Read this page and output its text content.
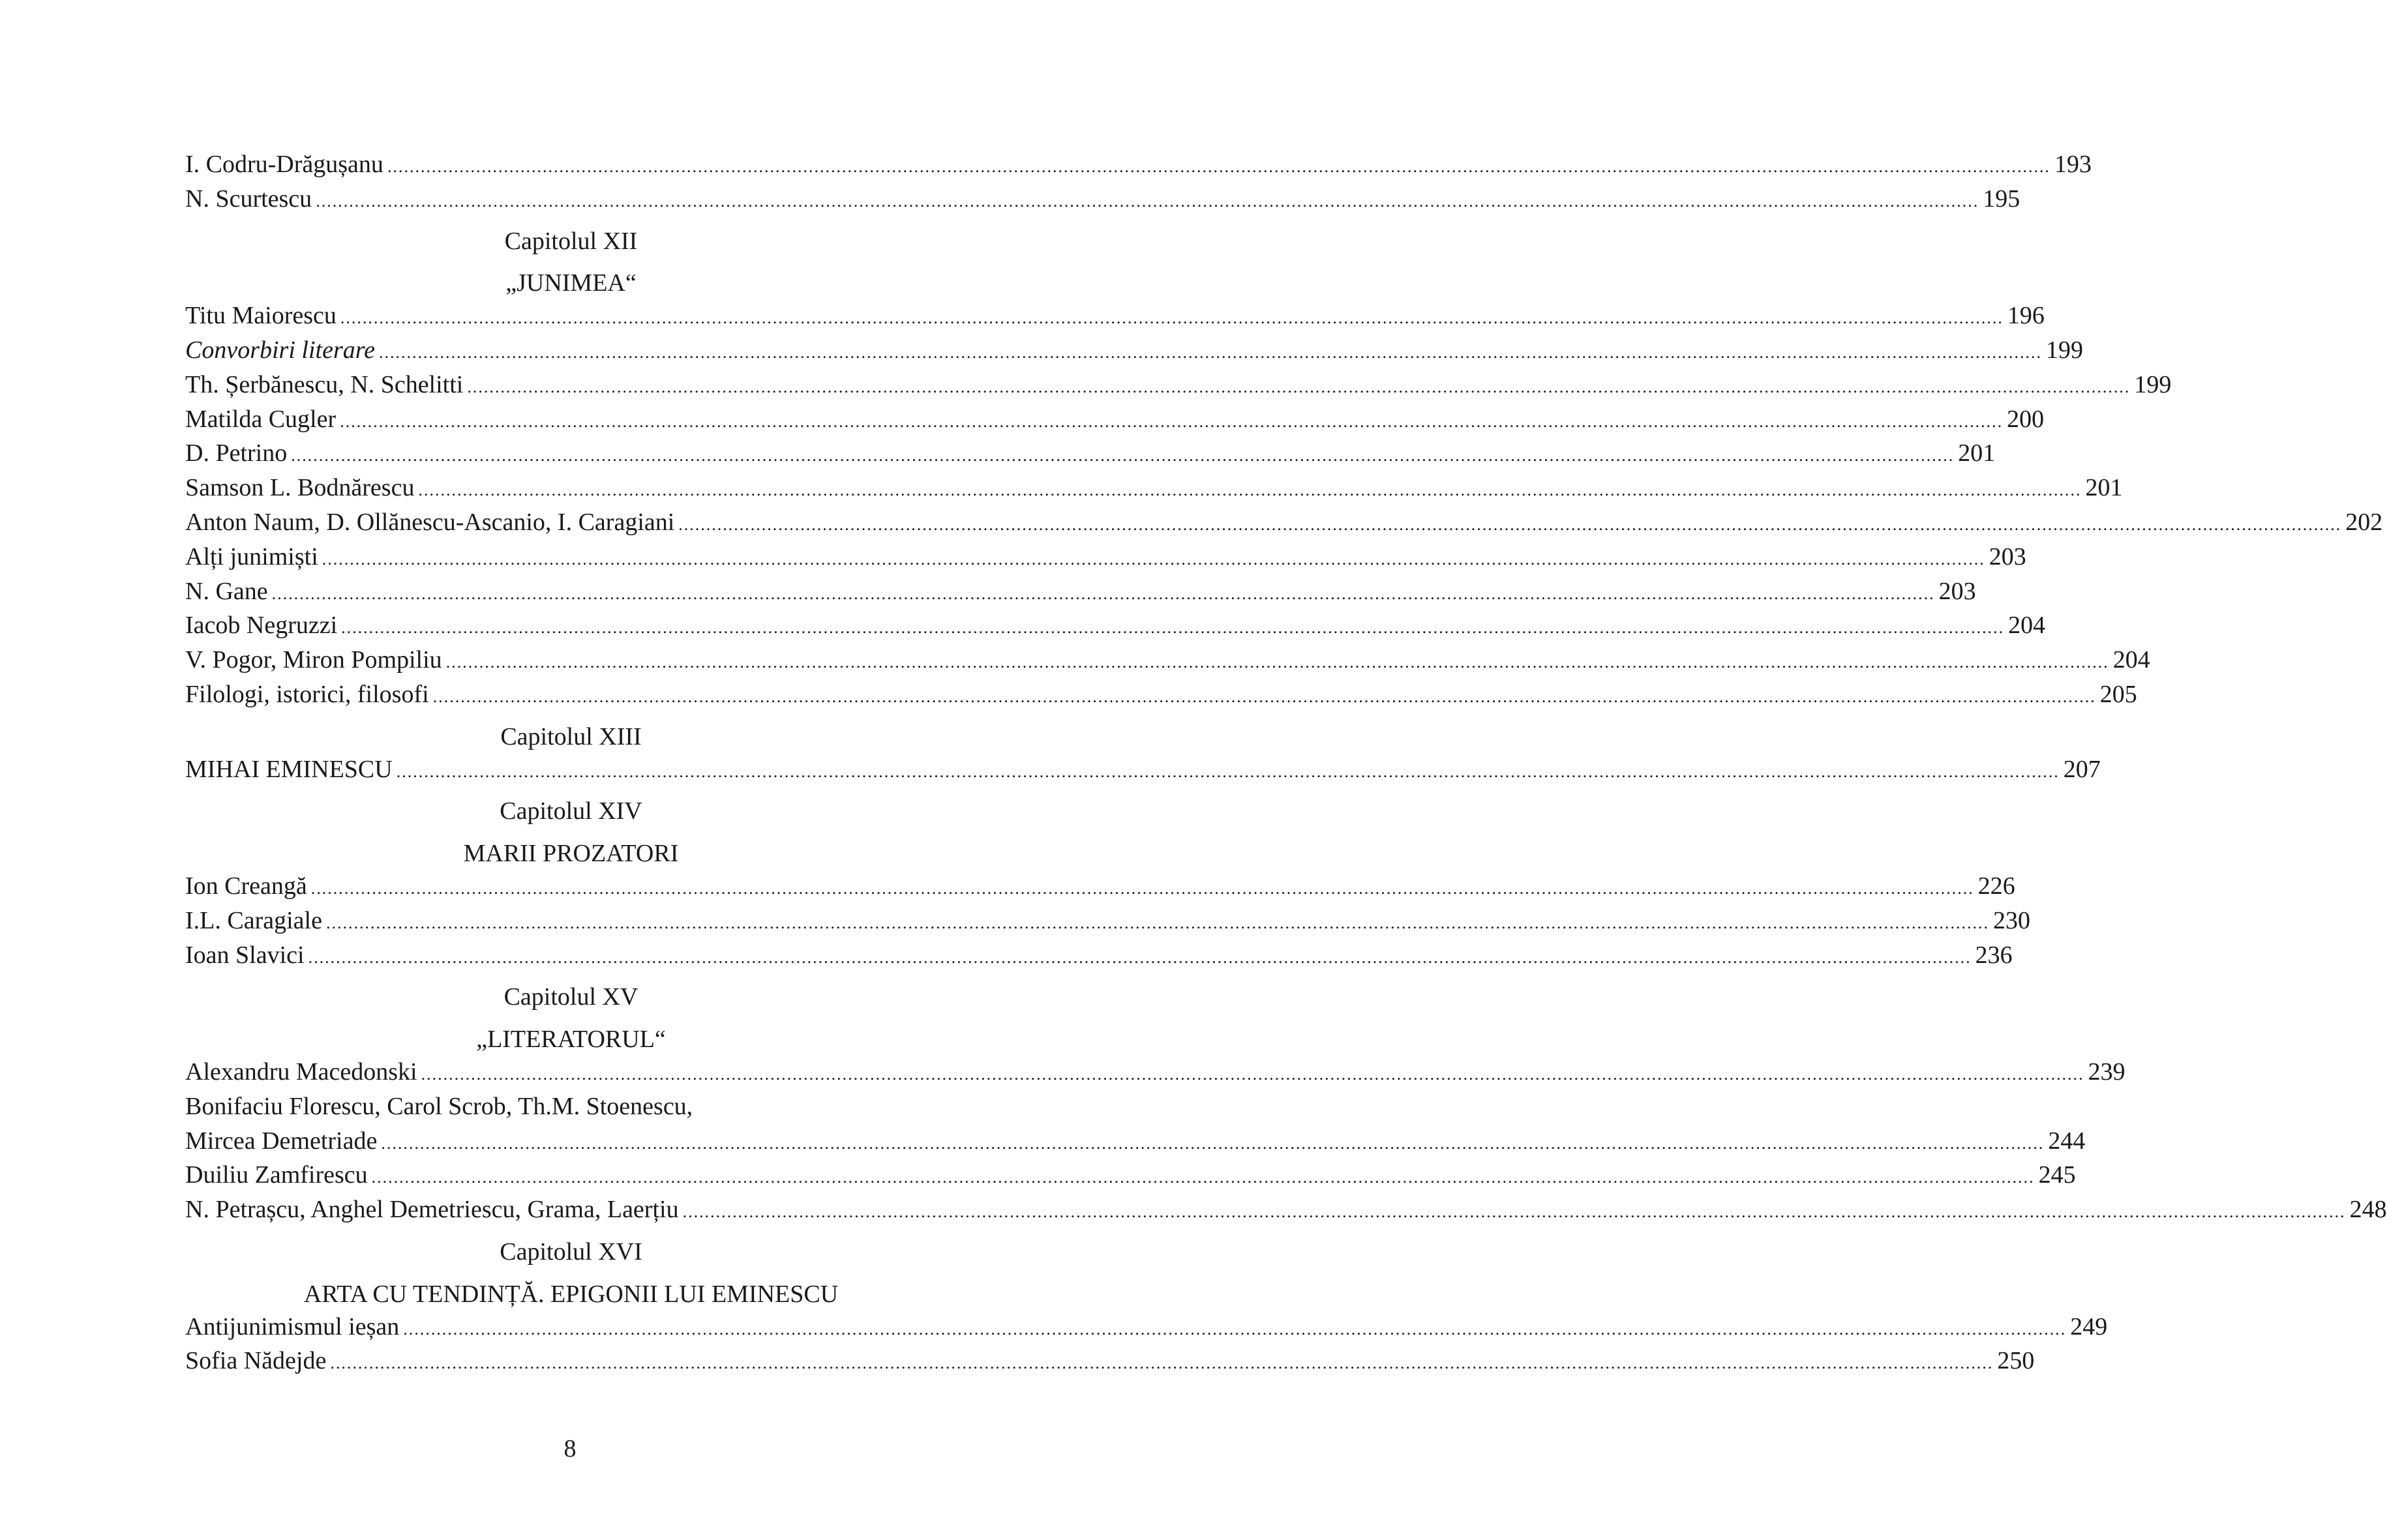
I. Codru-Drăgușanu ............................................................................................................................................................................................................................................................................................................ 193
N. Scurtescu ............................................................................................................................................................................................................................................................................................................ 195
Capitolul XII
„JUNIMEA“
Titu Maiorescu ............................................................................................................................................................................................................................................................................................................ 196
Convorbiri literare ............................................................................................................................................................................................................................................................................................................ 199
Th. Șerbănescu, N. Schelitti ............................................................................................................................................................................................................................................................................................................ 199
Matilda Cugler ............................................................................................................................................................................................................................................................................................................ 200
D. Petrino ............................................................................................................................................................................................................................................................................................................ 201
Samson L. Bodnărescu ............................................................................................................................................................................................................................................................................................................ 201
Anton Naum, D. Ollănescu-Ascanio, I. Caragiani ............................................................................................................................................................................................................................................................................................................ 202
Alți junimiști ............................................................................................................................................................................................................................................................................................................ 203
N. Gane ............................................................................................................................................................................................................................................................................................................ 203
Iacob Negruzzi ............................................................................................................................................................................................................................................................................................................ 204
V. Pogor, Miron Pompiliu ............................................................................................................................................................................................................................................................................................................ 204
Filologi, istorici, filosofi ............................................................................................................................................................................................................................................................................................................ 205
Capitolul XIII
MIHAI EMINESCU ............................................................................................................................................................................................................................................................................................................ 207
Capitolul XIV
MARII PROZATORI
Ion Creangă ............................................................................................................................................................................................................................................................................................................ 226
I.L. Caragiale ............................................................................................................................................................................................................................................................................................................ 230
Ioan Slavici ............................................................................................................................................................................................................................................................................................................ 236
Capitolul XV
„LITERATORUL“
Alexandru Macedonski ............................................................................................................................................................................................................................................................................................................ 239
Bonifaciu Florescu, Carol Scrob, Th.M. Stoenescu,
Mircea Demetriade ............................................................................................................................................................................................................................................................................................................ 244
Duiliu Zamfirescu ............................................................................................................................................................................................................................................................................................................ 245
N. Petrașcu, Anghel Demetriescu, Grama, Laerțiu ............................................................................................................................................................................................................................................................................................................ 248
Capitolul XVI
ARTA CU TENDINȚĂ. EPIGONII LUI EMINESCU
Antijunimismul ieșan ............................................................................................................................................................................................................................................................................................................ 249
Sofia Nădejde ............................................................................................................................................................................................................................................................................................................ 250
8
